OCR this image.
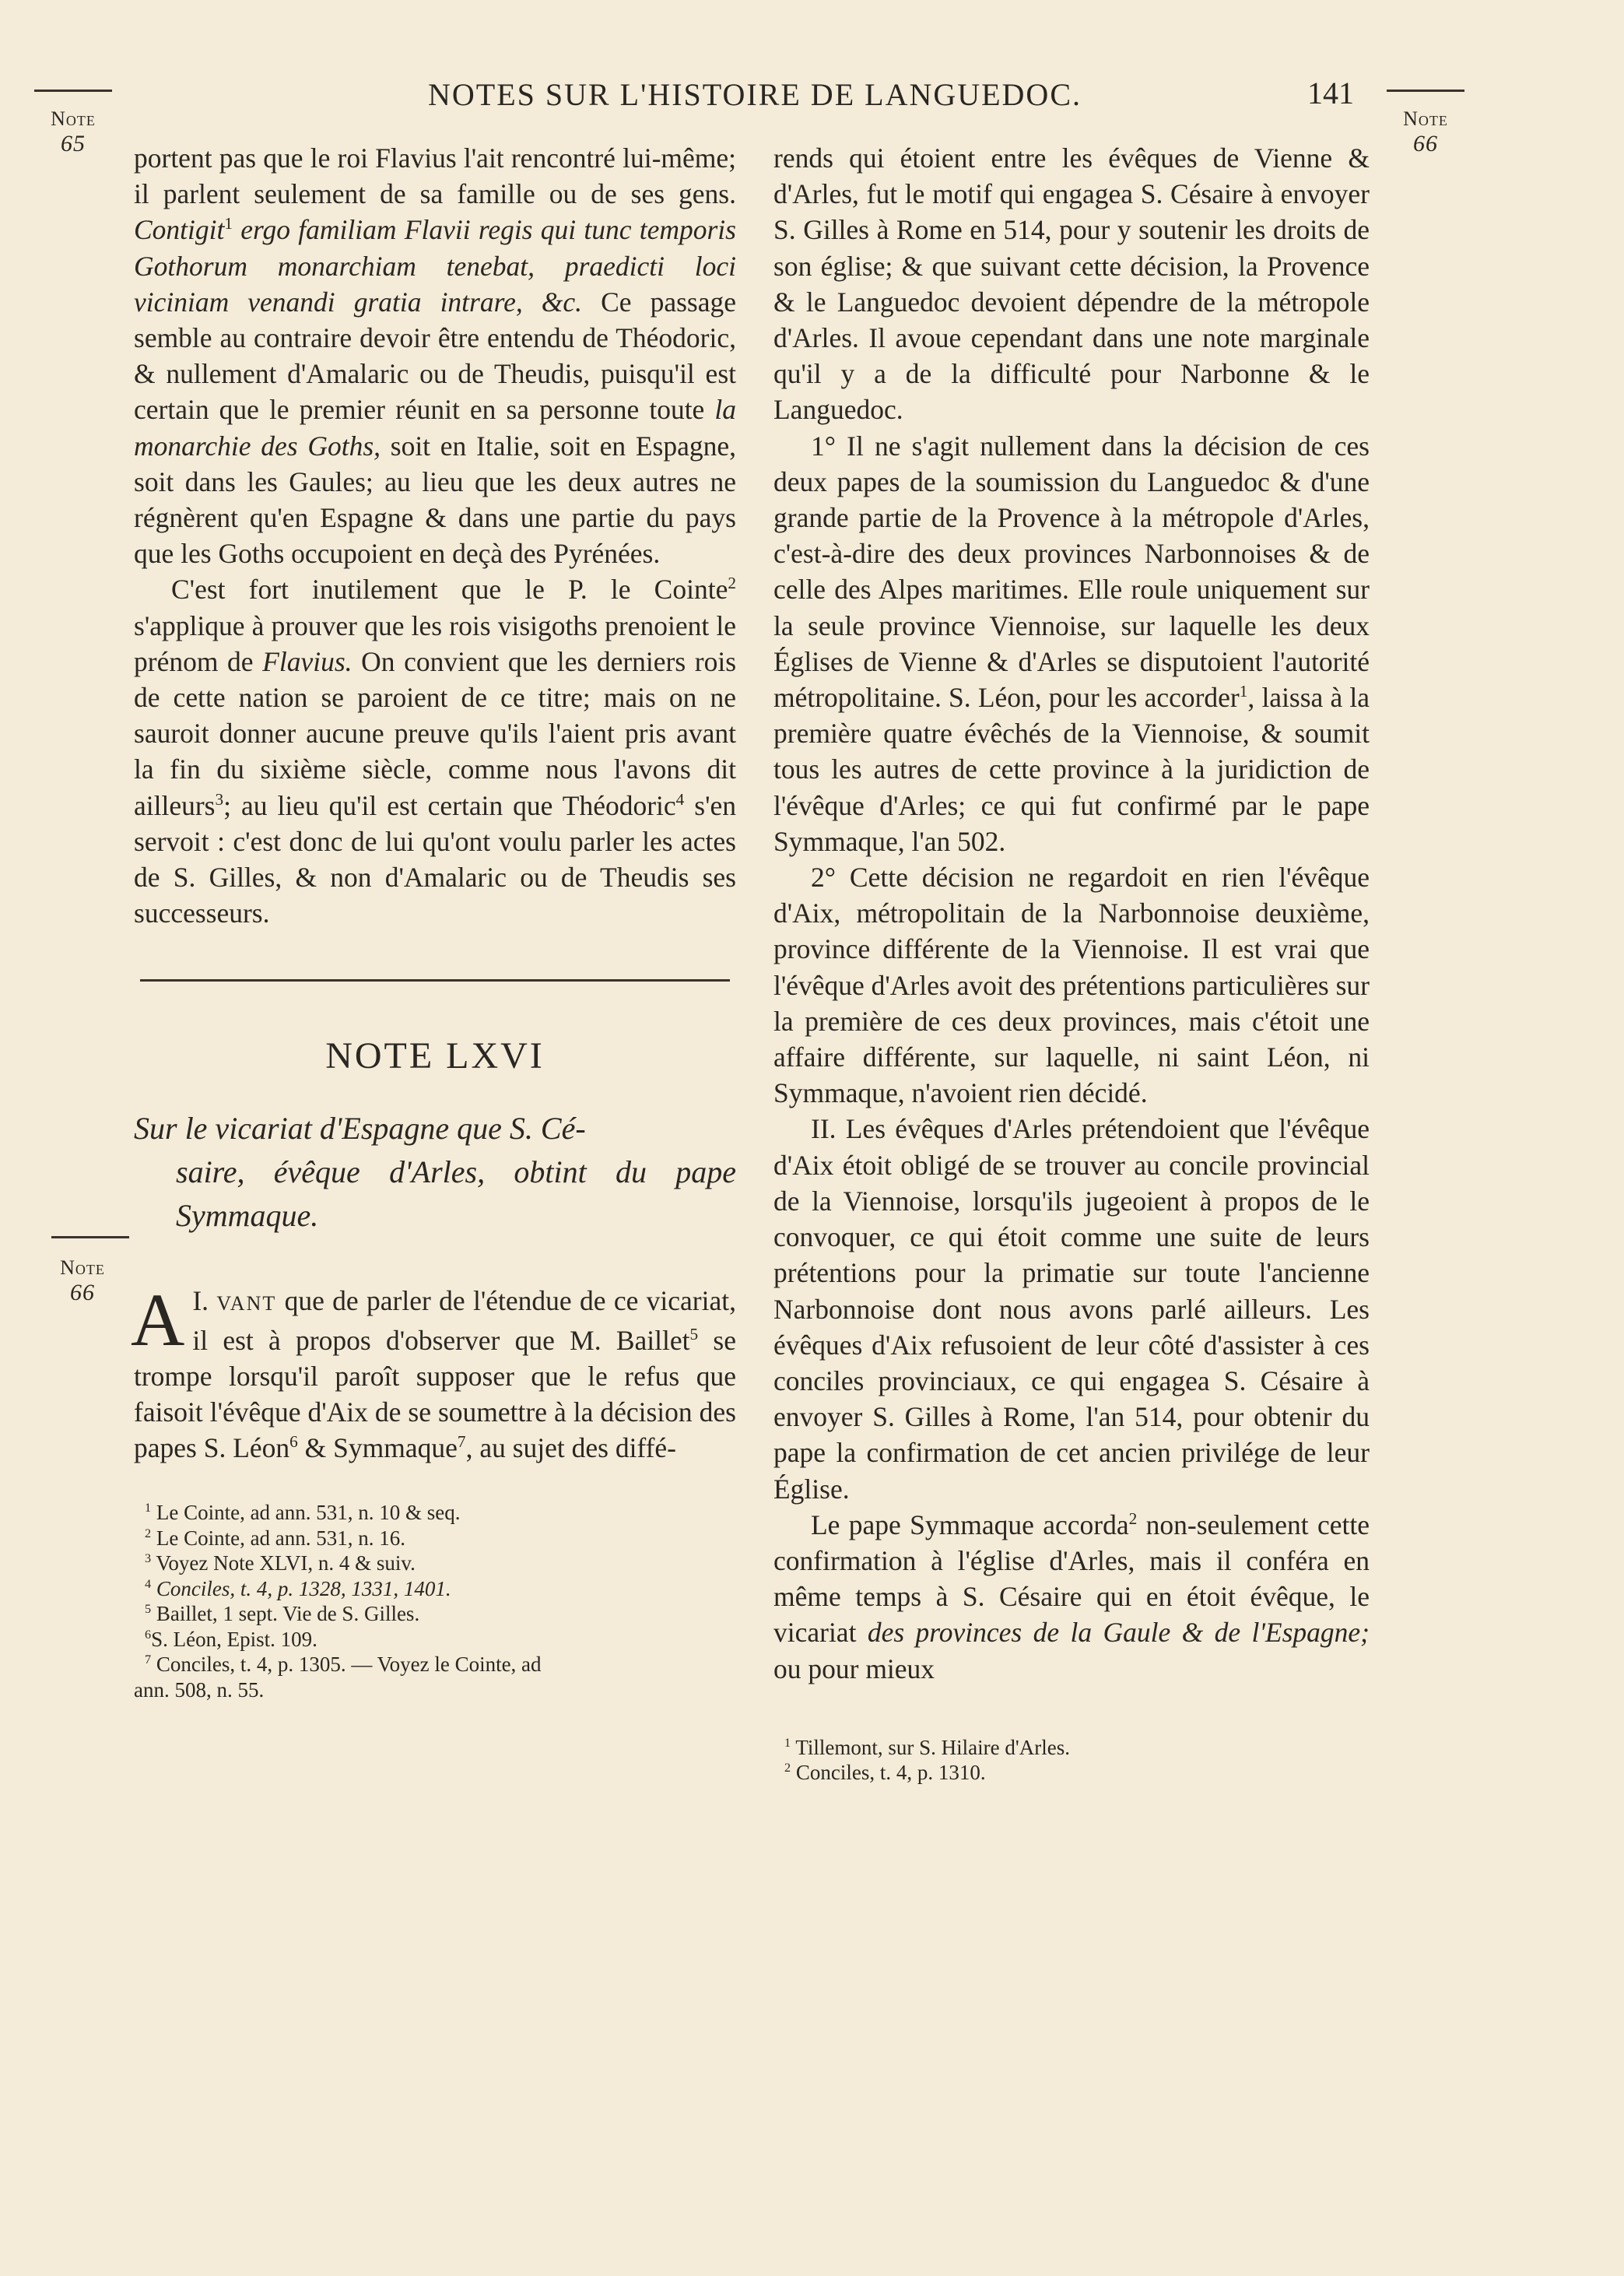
NOTES SUR L'HISTOIRE DE LANGUEDOC.	141
Note
65
Note
66
Note
66

portent pas que le roi Flavius l'ait rencontré lui-même; il parlent seulement de sa famille ou de ses gens. Contigit$^1$ ergo familiam Flavii regis qui tunc temporis Gothorum monarchiam tenebat, praedicti loci viciniam venandi gratia intrare, &c. Ce passage semble au contraire devoir être entendu de Théodoric, & nullement d'Amalaric ou de Theudis, puisqu'il est certain que le premier réunit en sa personne toute la monarchie des Goths, soit en Italie, soit en Espagne, soit dans les Gaules; au lieu que les deux autres ne régnèrent qu'en Espagne & dans une partie du pays que les Goths occupoient en deçà des Pyrénées.

C'est fort inutilement que le P. le Cointe$^2$ s'applique à prouver que les rois visigoths prenoient le prénom de Flavius. On convient que les derniers rois de cette nation se paroient de ce titre; mais on ne sauroit donner aucune preuve qu'ils l'aient pris avant la fin du sixième siècle, comme nous l'avons dit ailleurs$^3$; au lieu qu'il est certain que Théodoric$^4$ s'en servoit : c'est donc de lui qu'ont voulu parler les actes de S. Gilles, & non d'Amalaric ou de Theudis ses successeurs.

NOTE LXVI
Sur le vicariat d'Espagne que S. Cé-
saire, évêque d'Arles, obtint du pape Symmaque.

I.
A VANT que de parler de l'étendue de ce vicariat, il est à propos d'observer que M. Baillet$^5$ se trompe lorsqu'il paroît supposer que le refus que faisoit l'évêque d'Aix de se soumettre à la décision des papes S. Léon$^6$ & Symmaque$^7$, au sujet des diffé-

$^1$ Le Cointe, ad ann. 531, n. 10 & seq.

$^2$ Le Cointe, ad ann. 531, n. 16.

$^3$ Voyez Note XLVI, n. 4 & suiv.

$^4$ Conciles, t. 4, p. 1328, 1331, 1401.

$^5$ Baillet, 1 sept. Vie de S. Gilles.

$^6$S. Léon, Epist. 109.

$^7$ Conciles, t. 4, p. 1305. — Voyez le Cointe, ad

ann. 508, n. 55.

rends qui étoient entre les évêques de Vienne & d'Arles, fut le motif qui engagea S. Césaire à envoyer S. Gilles à Rome en 514, pour y soutenir les droits de son église; & que suivant cette décision, la Provence & le Languedoc devoient dépendre de la métropole d'Arles. Il avoue cependant dans une note marginale qu'il y a de la difficulté pour Narbonne & le Languedoc.

1° Il ne s'agit nullement dans la décision de ces deux papes de la soumission du Languedoc & d'une grande partie de la Provence à la métropole d'Arles, c'est-à-dire des deux provinces Narbonnoises & de celle des Alpes maritimes. Elle roule uniquement sur la seule province Viennoise, sur laquelle les deux Églises de Vienne & d'Arles se disputoient l'autorité métropolitaine. S. Léon, pour les accorder$^1$, laissa à la première quatre évêchés de la Viennoise, & soumit tous les autres de cette province à la juridiction de l'évêque d'Arles; ce qui fut confirmé par le pape Symmaque, l'an 502.

2° Cette décision ne regardoit en rien l'évêque d'Aix, métropolitain de la Narbonnoise deuxième, province différente de la Viennoise. Il est vrai que l'évêque d'Arles avoit des prétentions particulières sur la première de ces deux provinces, mais c'étoit une affaire différente, sur laquelle, ni saint Léon, ni Symmaque, n'avoient rien décidé.

II. Les évêques d'Arles prétendoient que l'évêque d'Aix étoit obligé de se trouver au concile provincial de la Viennoise, lorsqu'ils jugeoient à propos de le convoquer, ce qui étoit comme une suite de leurs prétentions pour la primatie sur toute l'ancienne Narbonnoise dont nous avons parlé ailleurs. Les évêques d'Aix refusoient de leur côté d'assister à ces conciles provinciaux, ce qui engagea S. Césaire à envoyer S. Gilles à Rome, l'an 514, pour obtenir du pape la confirmation de cet ancien privilége de leur Église.

Le pape Symmaque accorda$^2$ non-seulement cette confirmation à l'église d'Arles, mais il conféra en même temps à S. Césaire qui en étoit évêque, le vicariat des provinces de la Gaule & de l'Espagne; ou pour mieux

$^1$ Tillemont, sur S. Hilaire d'Arles.

$^2$ Conciles, t. 4, p. 1310.
